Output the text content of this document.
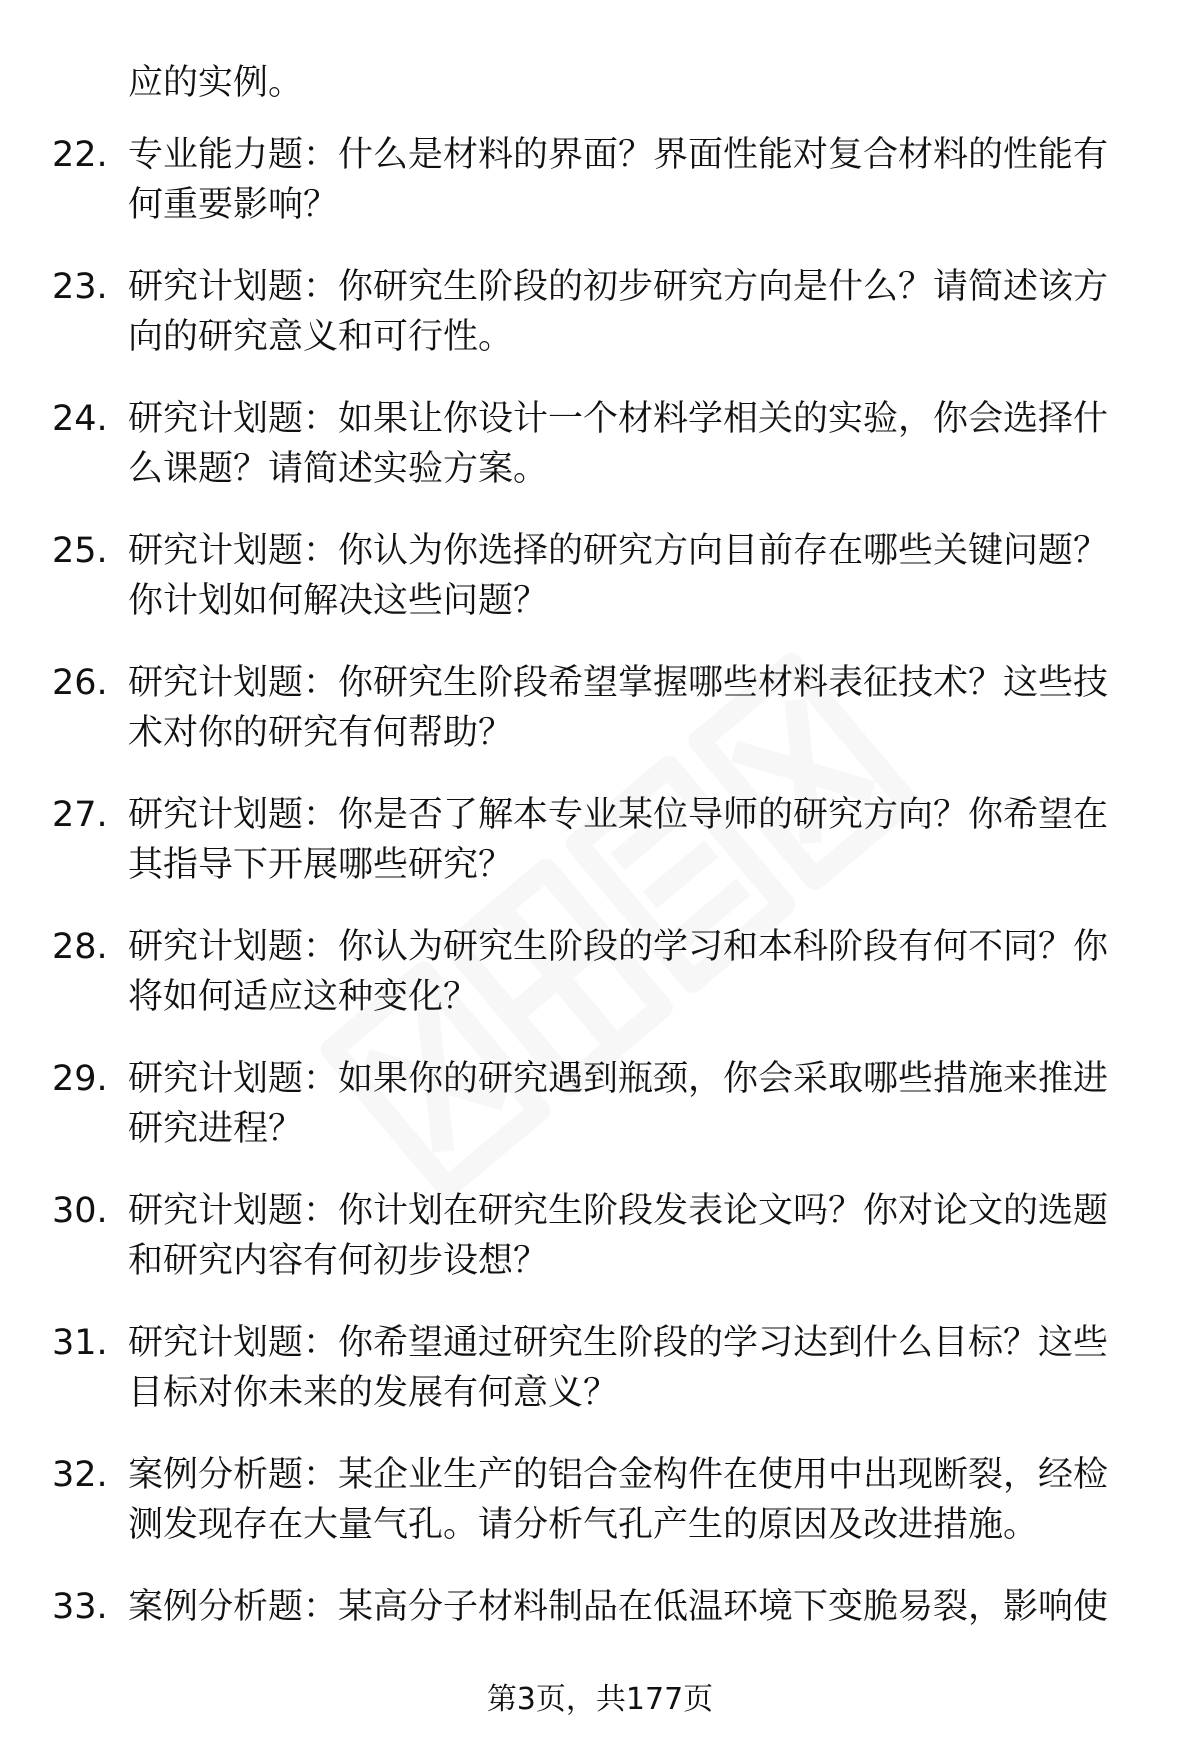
应的实例。

22. 专业能力题：什么是材料的界面？界面性能对复合材料的性能有何重要影响？
23. 研究计划题：你研究生阶段的初步研究方向是什么？请简述该方向的研究意义和可行性。
24. 研究计划题：如果让你设计一个材料学相关的实验，你会选择什么课题？请简述实验方案。
25. 研究计划题：你认为你选择的研究方向目前存在哪些关键问题？你计划如何解决这些问题？
26. 研究计划题：你研究生阶段希望掌握哪些材料表征技术？这些技术对你的研究有何帮助？
27. 研究计划题：你是否了解本专业某位导师的研究方向？你希望在其指导下开展哪些研究？
28. 研究计划题：你认为研究生阶段的学习和本科阶段有何不同？你将如何适应这种变化？
29. 研究计划题：如果你的研究遇到瓶颈，你会采取哪些措施来推进研究进程？
30. 研究计划题：你计划在研究生阶段发表论文吗？你对论文的选题和研究内容有何初步设想？
31. 研究计划题：你希望通过研究生阶段的学习达到什么目标？这些目标对你未来的发展有何意义？
32. 案例分析题：某企业生产的铝合金构件在使用中出现断裂，经检测发现存在大量气孔。请分析气孔产生的原因及改进措施。
33. 案例分析题：某高分子材料制品在低温环境下变脆易裂，影响使
第3页，共177页
